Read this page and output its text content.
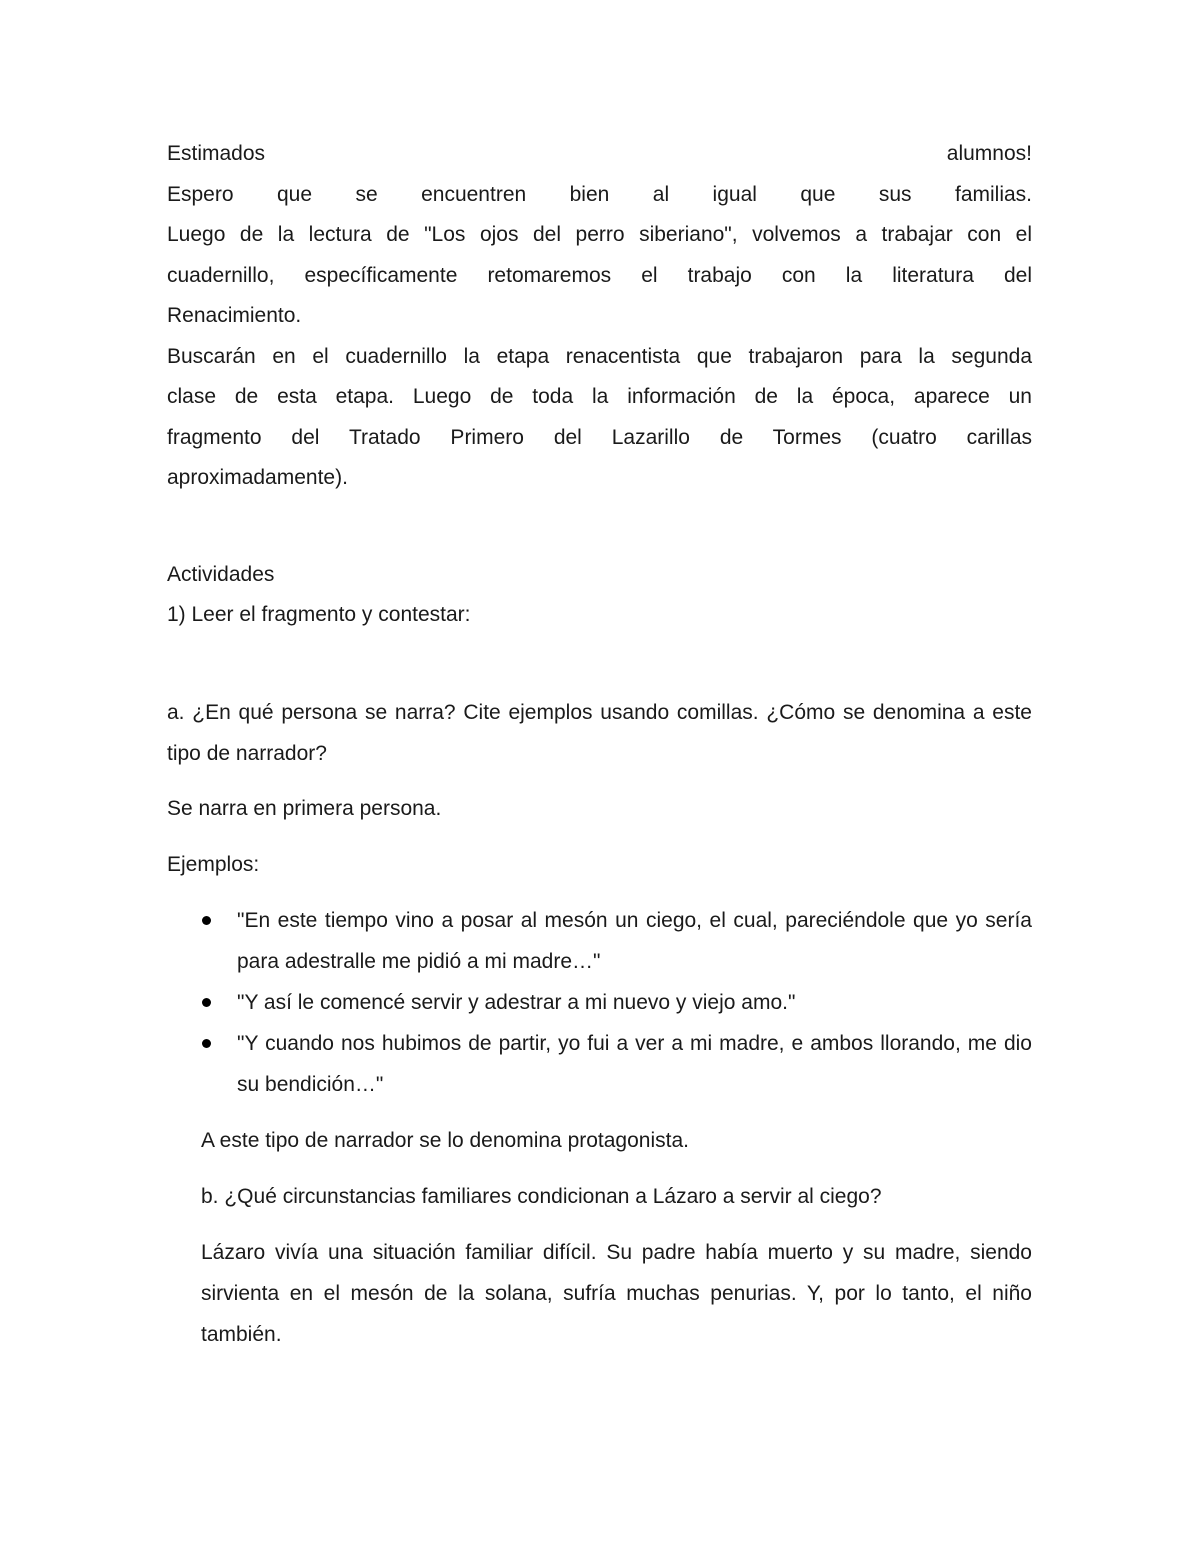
Estimados	alumnos!

Espero que se encuentren bien al igual que sus familias.

Luego de la lectura de "Los ojos del perro siberiano", volvemos a trabajar con el

cuadernillo, específicamente retomaremos el trabajo con la literatura del

Renacimiento.

Buscarán en el cuadernillo la etapa renacentista que trabajaron para la segunda

clase de esta etapa. Luego de toda la información de la época, aparece un

fragmento del Tratado Primero del Lazarillo de Tormes (cuatro carillas

aproximadamente).

Actividades

1) Leer el fragmento y contestar:

a. ¿En qué persona se narra? Cite ejemplos usando comillas. ¿Cómo se denomina a este tipo de narrador?

Se narra en primera persona.

Ejemplos:

"En este tiempo vino a posar al mesón un ciego, el cual, pareciéndole que yo sería para adestralle me pidió a mi madre…"
"Y así le comencé servir y adestrar a mi nuevo y viejo amo."
"Y cuando nos hubimos de partir, yo fui a ver a mi madre, e ambos llorando, me dio su bendición…"

A este tipo de narrador se lo denomina protagonista.

b. ¿Qué circunstancias familiares condicionan a Lázaro a servir al ciego?

Lázaro vivía una situación familiar difícil. Su padre había muerto y su madre, siendo sirvienta en el mesón de la solana, sufría muchas penurias. Y, por lo tanto, el niño también.
